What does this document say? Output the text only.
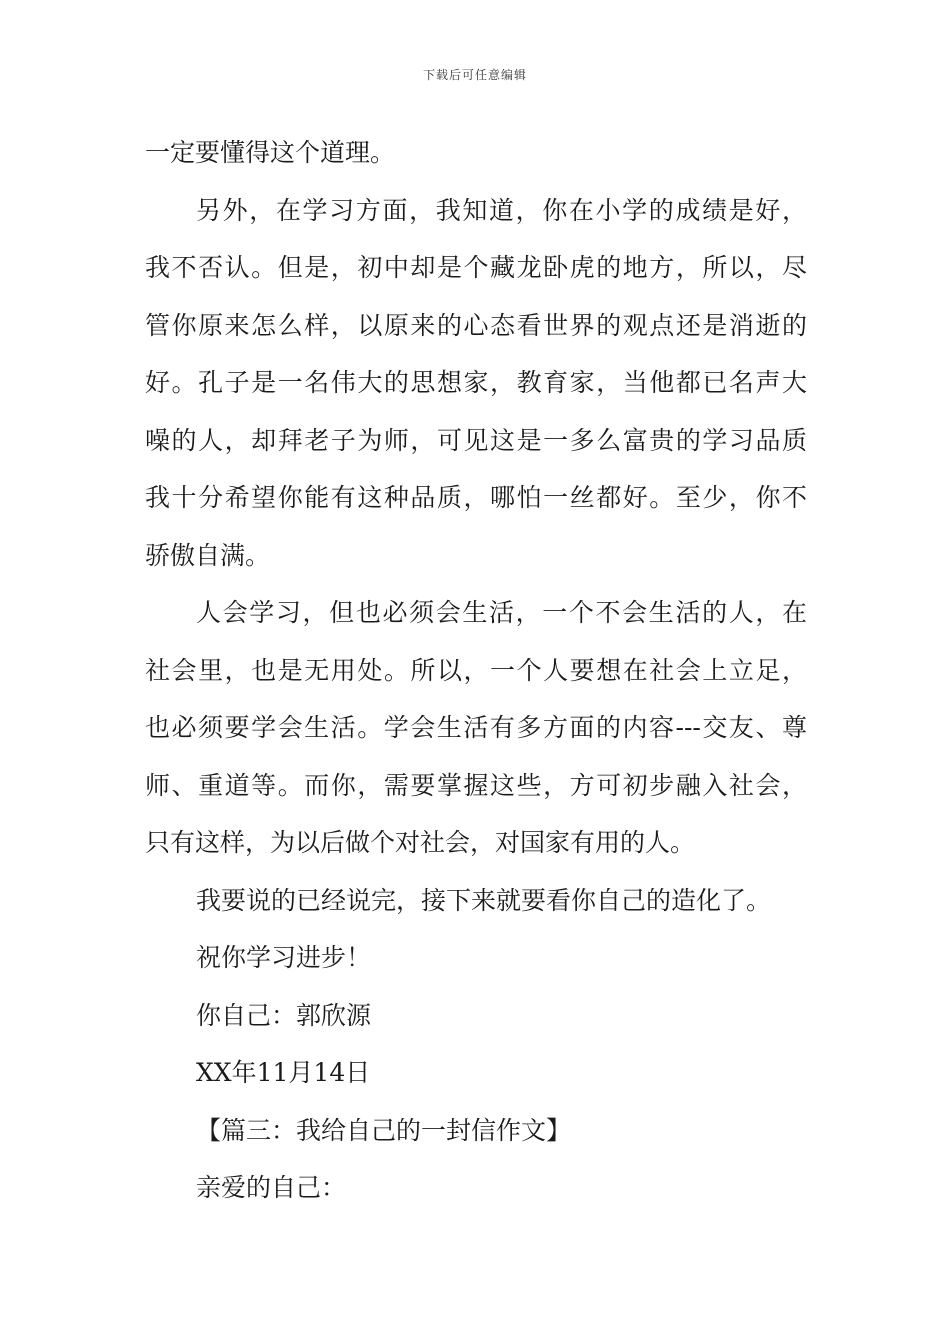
下载后可任意编辑
一定要懂得这个道理。
另外，在学习方面，我知道，你在小学的成绩是好，
我不否认。但是，初中却是个藏龙卧虎的地方，所以，尽
管你原来怎么样，以原来的心态看世界的观点还是消逝的
好。孔子是一名伟大的思想家，教育家，当他都已名声大
噪的人，却拜老子为师，可见这是一多么富贵的学习品质
我十分希望你能有这种品质，哪怕一丝都好。至少，你不
骄傲自满。
人会学习，但也必须会生活，一个不会生活的人，在
社会里，也是无用处。所以，一个人要想在社会上立足，
也必须要学会生活。学会生活有多方面的内容---交友、尊
师、重道等。而你，需要掌握这些，方可初步融入社会，
只有这样，为以后做个对社会，对国家有用的人。
我要说的已经说完，接下来就要看你自己的造化了。
祝你学习进步！
你自己：郭欣源
XX年11月14日
【篇三：我给自己的一封信作文】
亲爱的自己：
